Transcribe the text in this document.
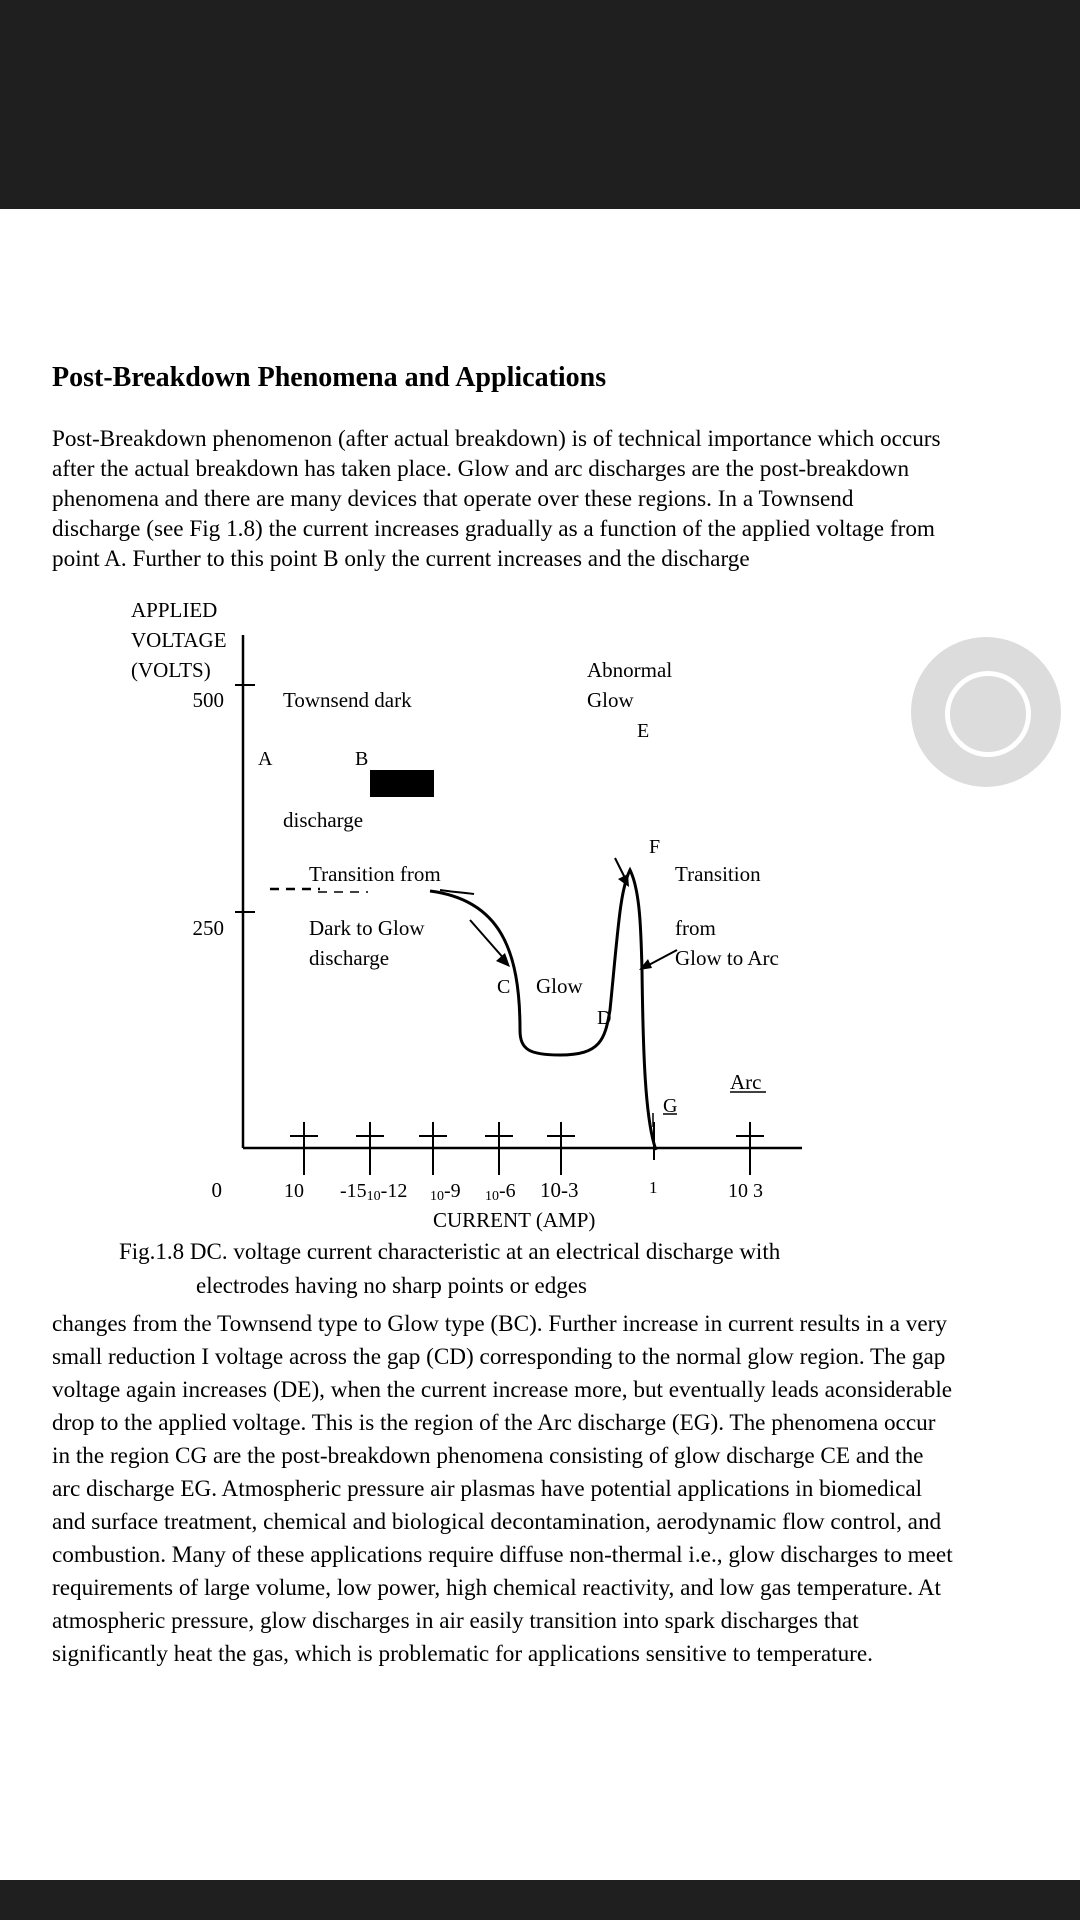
Post-Breakdown Phenomena and Applications
Post-Breakdown phenomenon (after actual breakdown) is of technical importance which occurs
after the actual breakdown has taken place. Glow and arc discharges are the post-breakdown
phenomena and there are many devices that operate over these regions. In a Townsend
discharge (see Fig 1.8) the current increases gradually as a function of the applied voltage from
point A. Further to this point B only the current increases and the discharge
APPLIED
VOLTAGE
(VOLTS)
500
250
0	10 -1510-12 10-9 10-6 10-3	1	10 3
CURRENT (AMP)
Townsend dark
discharge
A	B
Transition from
Dark to Glow
discharge
Abnormal
Glow
E
F
C Glow
D
Transition
from
Glow to Arc
Arc
G

Fig.1.8 DC. voltage current characteristic at an electrical discharge with

electrodes having no sharp points or edges

changes from the Townsend type to Glow type (BC). Further increase in current results in a very
small reduction I voltage across the gap (CD) corresponding to the normal glow region. The gap
voltage again increases (DE), when the current increase more, but eventually leads aconsiderable
drop to the applied voltage. This is the region of the Arc discharge (EG). The phenomena occur
in the region CG are the post-breakdown phenomena consisting of glow discharge CE and the
arc discharge EG. Atmospheric pressure air plasmas have potential applications in biomedical
and surface treatment, chemical and biological decontamination, aerodynamic flow control, and
combustion. Many of these applications require diffuse non-thermal i.e., glow discharges to meet
requirements of large volume, low power, high chemical reactivity, and low gas temperature. At
atmospheric pressure, glow discharges in air easily transition into spark discharges that
significantly heat the gas, which is problematic for applications sensitive to temperature.
